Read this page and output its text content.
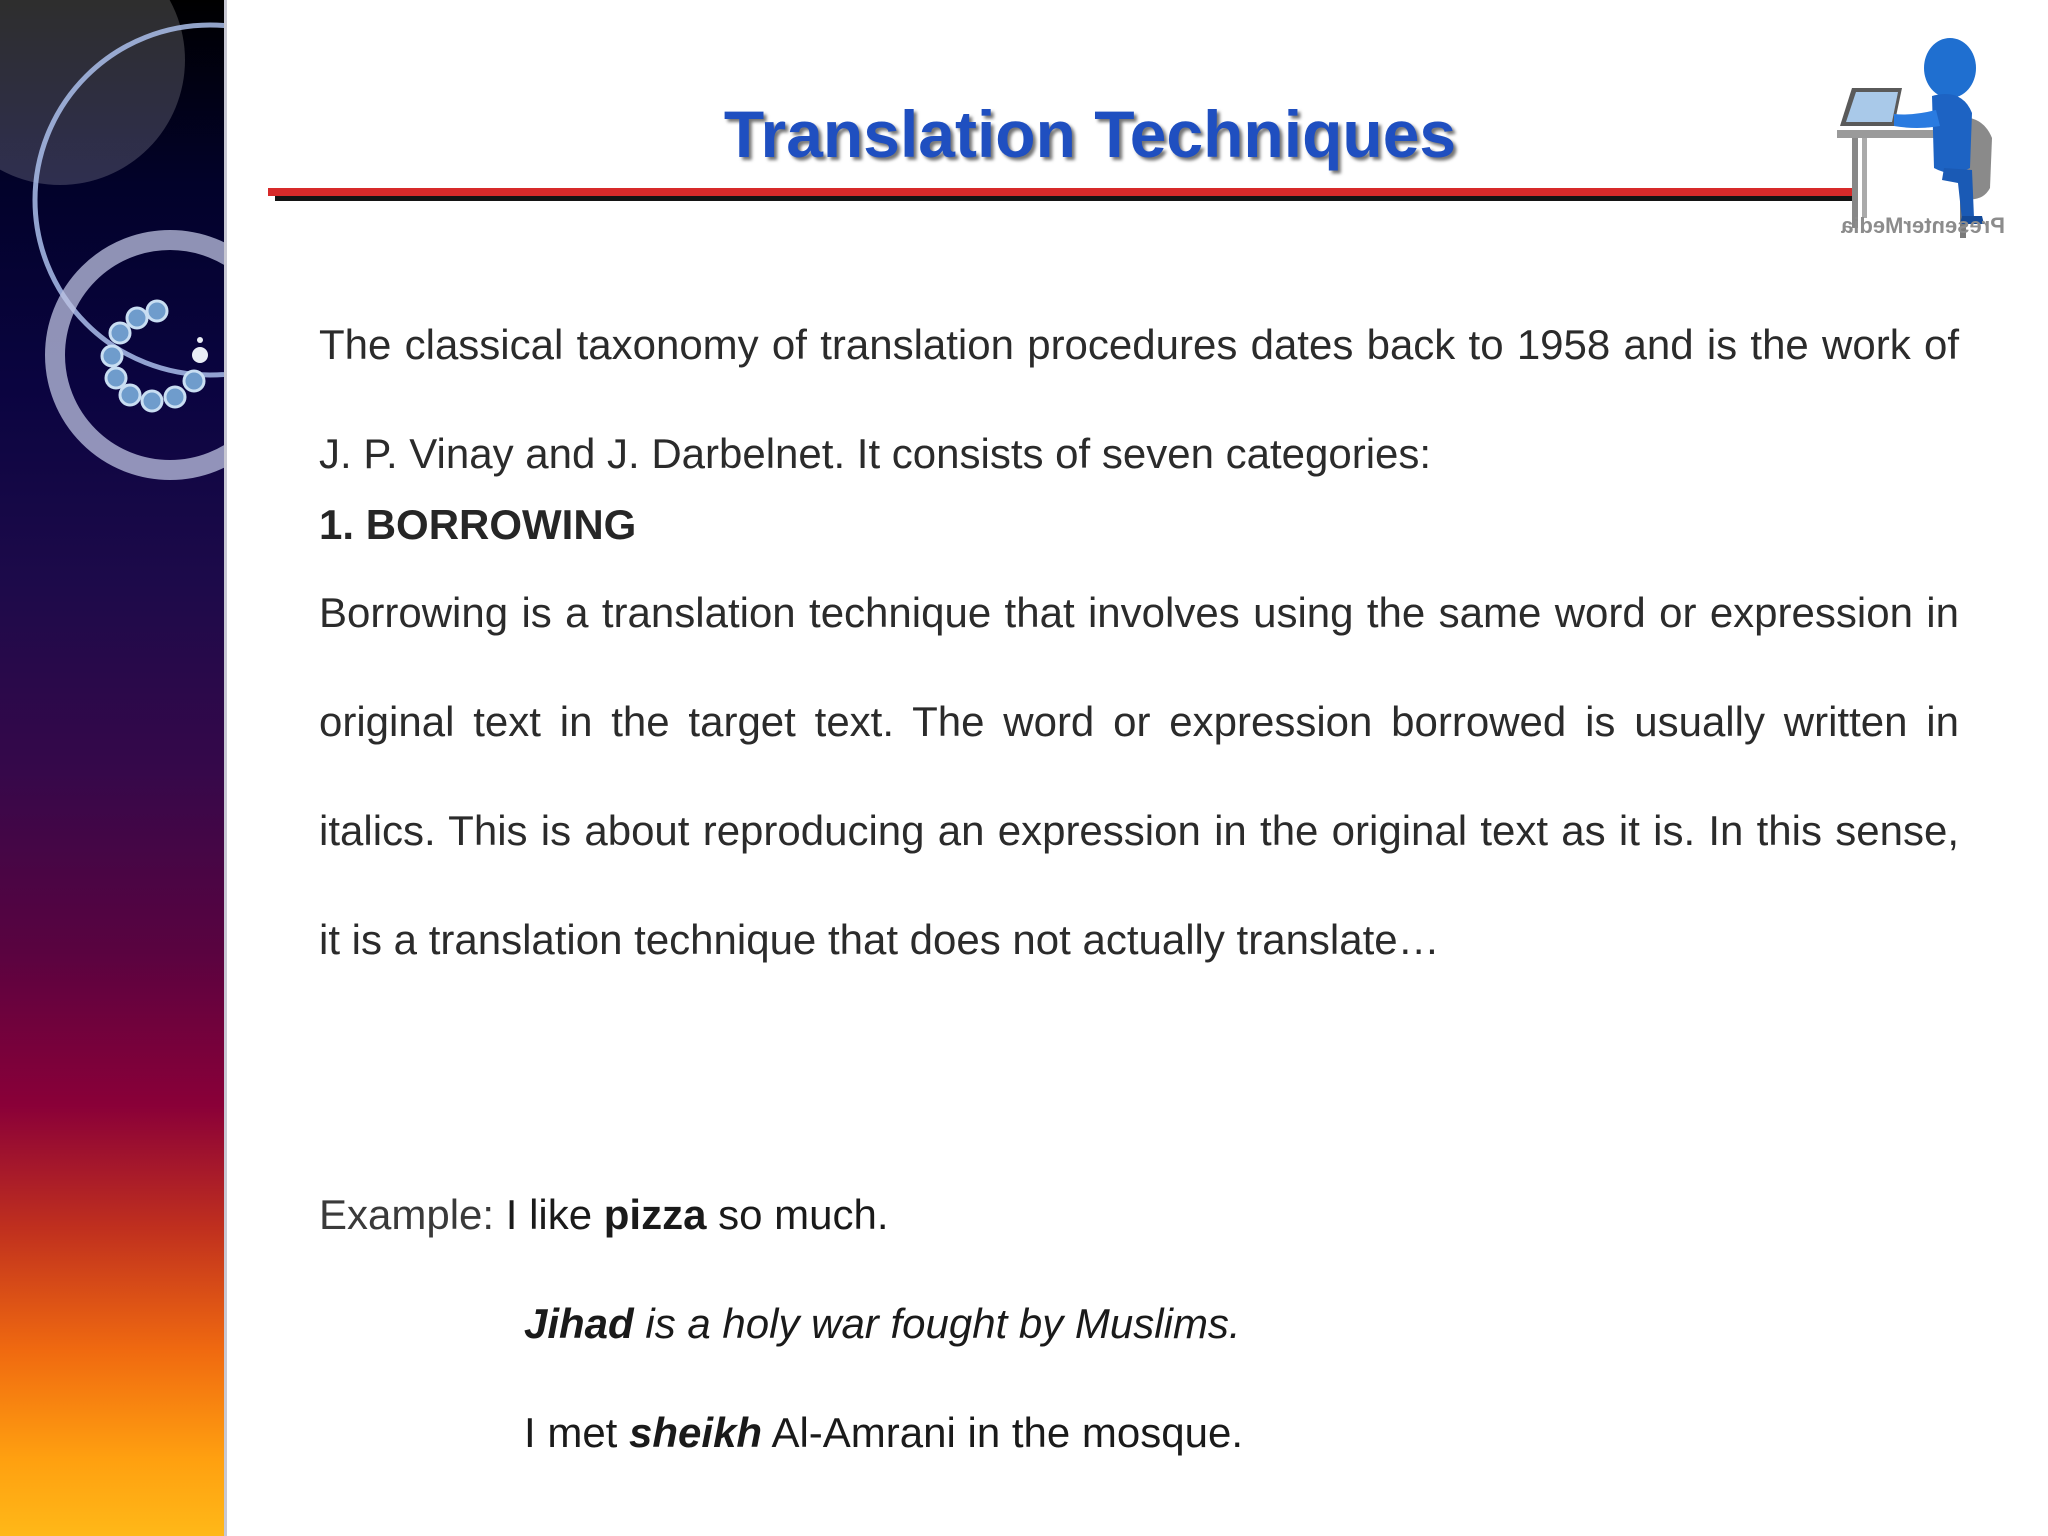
Translation Techniques
PresenterMedia

The classical taxonomy of translation procedures dates back to 1958 and is the work of J. P. Vinay and J. Darbelnet. It consists of seven categories:

1. BORROWING

Borrowing is a translation technique that involves using the same word or expression in original text in the target text. The word or expression borrowed is usually written in italics. This is about reproducing an expression in the original text as it is. In this sense, it is a translation technique that does not actually translate…

Example: I like pizza so much.
Jihad is a holy war fought by Muslims.
I met sheikh Al-Amrani in the mosque.
